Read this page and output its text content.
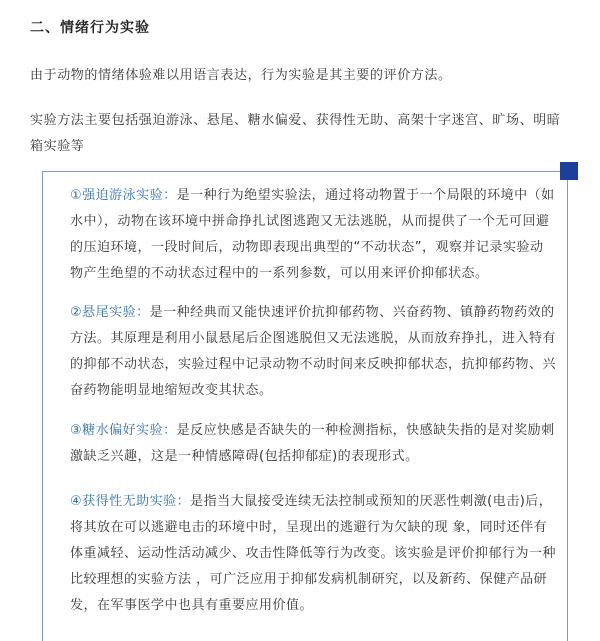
二、情绪行为实验

由于动物的情绪体验难以用语言表达，行为实验是其主要的评价方法。

实验方法主要包括强迫游泳、悬尾、糖水偏爱、获得性无助、高架十字迷宫、旷场、明暗箱实验等

①强迫游泳实验：是一种行为绝望实验法，通过将动物置于一个局限的环境中（如水中），动物在该环境中拼命挣扎试图逃跑又无法逃脱，从而提供了一个无可回避的压迫环境，一段时间后，动物即表现出典型的“不动状态”，观察并记录实验动物产生绝望的不动状态过程中的一系列参数，可以用来评价抑郁状态。

②悬尾实验：是一种经典而又能快速评价抗抑郁药物、兴奋药物、镇静药物药效的方法。其原理是利用小鼠悬尾后企图逃脱但又无法逃脱，从而放弃挣扎，进入特有的抑郁不动状态，实验过程中记录动物不动时间来反映抑郁状态，抗抑郁药物、兴奋药物能明显地缩短改变其状态。

③糖水偏好实验：是反应快感是否缺失的一种检测指标，快感缺失指的是对奖励刺激缺乏兴趣，这是一种情感障碍(包括抑郁症)的表现形式。

④获得性无助实验：是指当大鼠接受连续无法控制或预知的厌恶性刺激(电击)后，将其放在可以逃避电击的环境中时，呈现出的逃避行为欠缺的现 象，同时还伴有体重减轻、运动性活动减少、攻击性降低等行为改变。该实验是评价抑郁行为一种比较理想的实验方法 ，可广泛应用于抑郁发病机制研究，以及新药、保健产品研发，在军事医学中也具有重要应用价值。
